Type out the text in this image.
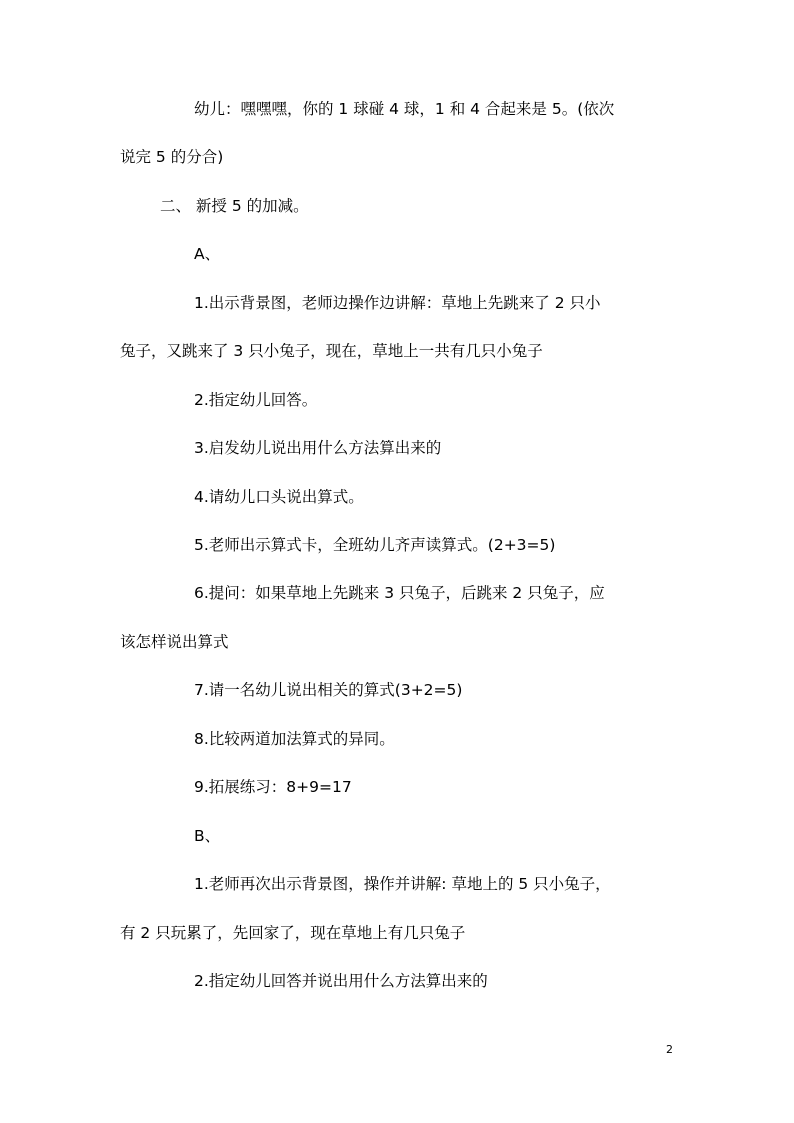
幼儿：嘿嘿嘿，你的 1 球碰 4 球，1 和 4 合起来是 5。(依次
说完 5 的分合)
二、 新授 5 的加减。
A、
1.出示背景图，老师边操作边讲解：草地上先跳来了 2 只小
兔子，又跳来了 3 只小兔子，现在，草地上一共有几只小兔子
2.指定幼儿回答。
3.启发幼儿说出用什么方法算出来的
4.请幼儿口头说出算式。
5.老师出示算式卡，全班幼儿齐声读算式。(2+3=5)
6.提问：如果草地上先跳来 3 只兔子，后跳来 2 只兔子，应
该怎样说出算式
7.请一名幼儿说出相关的算式(3+2=5)
8.比较两道加法算式的异同。
9.拓展练习：8+9=17
B、
1.老师再次出示背景图，操作并讲解: 草地上的 5 只小兔子，
有 2 只玩累了，先回家了，现在草地上有几只兔子
2.指定幼儿回答并说出用什么方法算出来的
2
